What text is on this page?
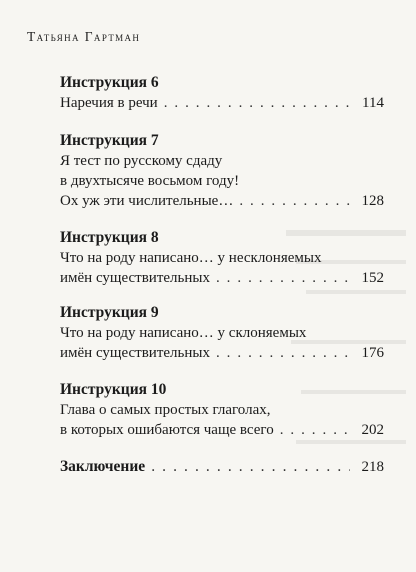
Татьяна Гартман
Инструкция 6
Наречия в речи . . .	114
Инструкция 7
Я тест по русскому сдаду
в двухтысяче восьмом году!
Ох уж эти числительные… . . .	128
Инструкция 8
Что на роду написано… у несклоняемых
имён существительных . . .	152
Инструкция 9
Что на роду написано… у склоняемых
имён существительных . . .	176
Инструкция 10
Глава о самых простых глаголах,
в которых ошибаются чаще всего . . .	202
Заключение . . .	218
